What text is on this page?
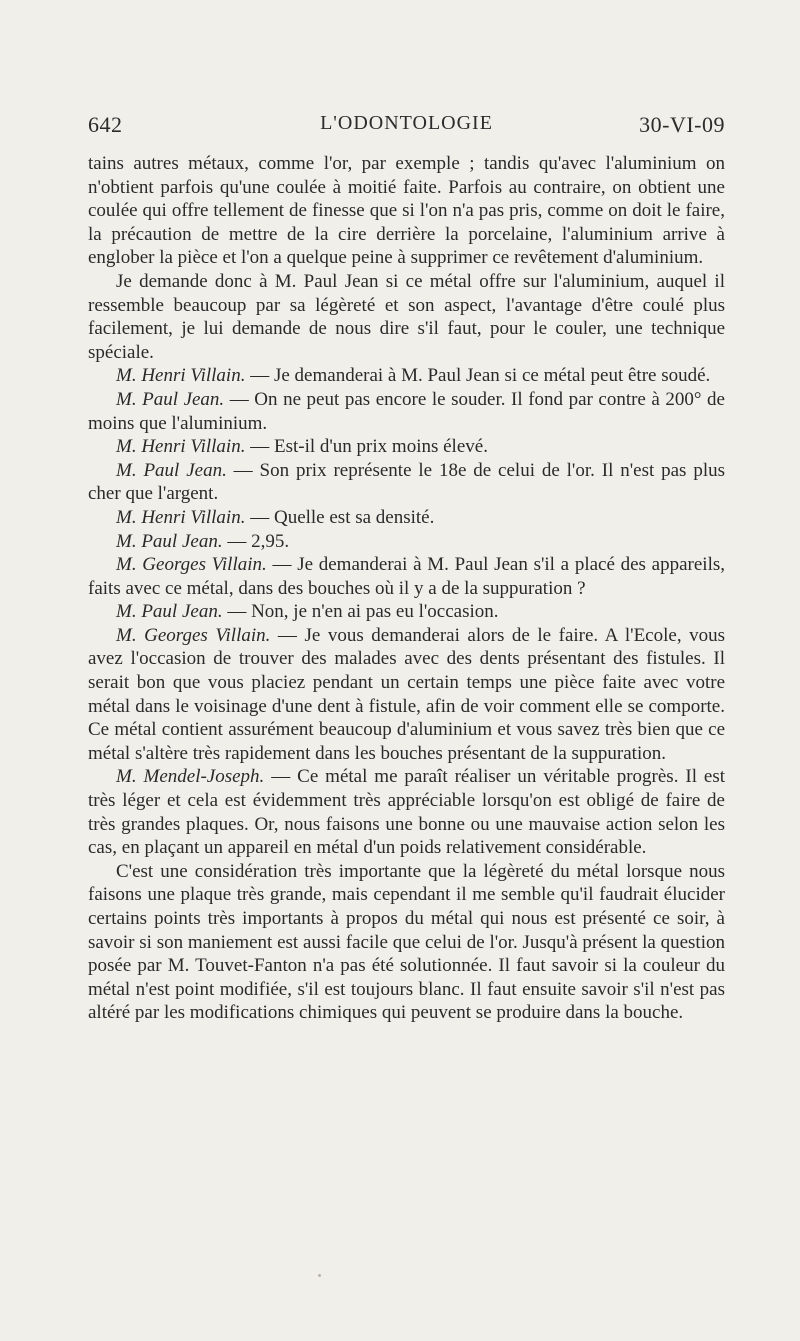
642	L'ODONTOLOGIE	30-VI-09

tains autres métaux, comme l'or, par exemple ; tandis qu'avec l'aluminium on n'obtient parfois qu'une coulée à moitié faite. Parfois au contraire, on obtient une coulée qui offre tellement de finesse que si l'on n'a pas pris, comme on doit le faire, la précaution de mettre de la cire derrière la porcelaine, l'aluminium arrive à englober la pièce et l'on a quelque peine à supprimer ce revêtement d'aluminium.

Je demande donc à M. Paul Jean si ce métal offre sur l'aluminium, auquel il ressemble beaucoup par sa légèreté et son aspect, l'avantage d'être coulé plus facilement, je lui demande de nous dire s'il faut, pour le couler, une technique spéciale.

M. Henri Villain. — Je demanderai à M. Paul Jean si ce métal peut être soudé.

M. Paul Jean. — On ne peut pas encore le souder. Il fond par contre à 200° de moins que l'aluminium.

M. Henri Villain. — Est-il d'un prix moins élevé.

M. Paul Jean. — Son prix représente le 18e de celui de l'or. Il n'est pas plus cher que l'argent.

M. Henri Villain. — Quelle est sa densité.

M. Paul Jean. — 2,95.

M. Georges Villain. — Je demanderai à M. Paul Jean s'il a placé des appareils, faits avec ce métal, dans des bouches où il y a de la suppuration ?

M. Paul Jean. — Non, je n'en ai pas eu l'occasion.

M. Georges Villain. — Je vous demanderai alors de le faire. A l'Ecole, vous avez l'occasion de trouver des malades avec des dents présentant des fistules. Il serait bon que vous placiez pendant un certain temps une pièce faite avec votre métal dans le voisinage d'une dent à fistule, afin de voir comment elle se comporte. Ce métal contient assurément beaucoup d'aluminium et vous savez très bien que ce métal s'altère très rapidement dans les bouches présentant de la suppuration.

M. Mendel-Joseph. — Ce métal me paraît réaliser un véritable progrès. Il est très léger et cela est évidemment très appréciable lorsqu'on est obligé de faire de très grandes plaques. Or, nous faisons une bonne ou une mauvaise action selon les cas, en plaçant un appareil en métal d'un poids relativement considérable.

C'est une considération très importante que la légèreté du métal lorsque nous faisons une plaque très grande, mais cependant il me semble qu'il faudrait élucider certains points très importants à propos du métal qui nous est présenté ce soir, à savoir si son maniement est aussi facile que celui de l'or. Jusqu'à présent la question posée par M. Touvet-Fanton n'a pas été solutionnée. Il faut savoir si la couleur du métal n'est point modifiée, s'il est toujours blanc. Il faut ensuite savoir s'il n'est pas altéré par les modifications chimiques qui peuvent se produire dans la bouche.
